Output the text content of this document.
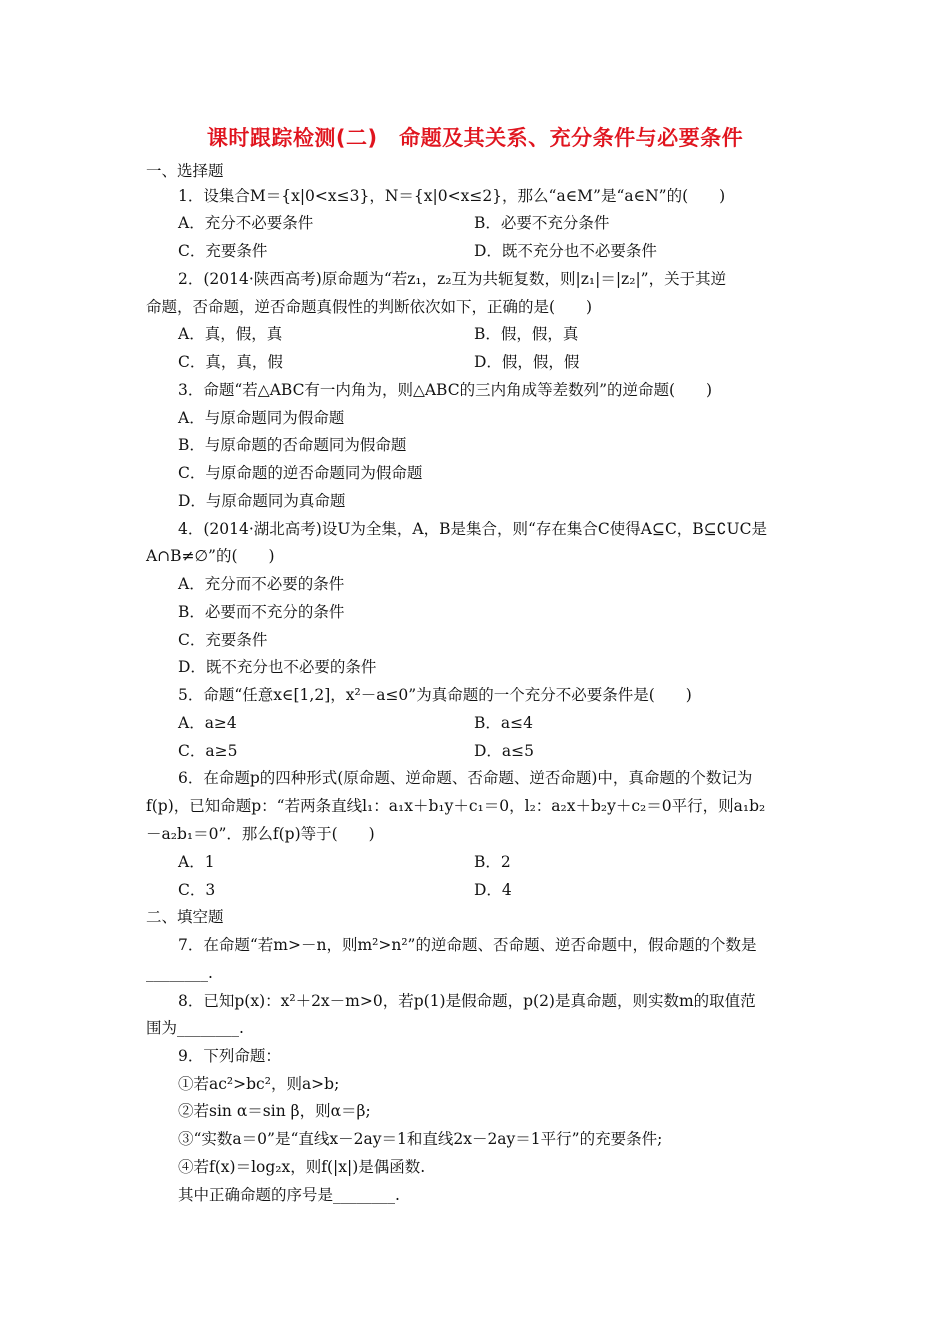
课时跟踪检测(二)　命题及其关系、充分条件与必要条件
一、选择题
1．设集合M＝{x|0<x≤3}，N＝{x|0<x≤2}，那么“a∈M”是“a∈N”的(　　)
A．充分不必要条件	B．必要不充分条件
C．充要条件	D．既不充分也不必要条件
2．(2014·陕西高考)原命题为“若z₁，z₂互为共轭复数，则|z₁|＝|z₂|”，关于其逆
命题，否命题，逆否命题真假性的判断依次如下，正确的是(　　)
A．真，假，真	B．假，假，真
C．真，真，假	D．假，假，假
3．命题“若△ABC有一内角为，则△ABC的三内角成等差数列”的逆命题(　　)
A．与原命题同为假命题
B．与原命题的否命题同为假命题
C．与原命题的逆否命题同为假命题
D．与原命题同为真命题
4．(2014·湖北高考)设U为全集，A，B是集合，则“存在集合C使得A⊆C，B⊆∁UC是
A∩B≠∅”的(　　)
A．充分而不必要的条件
B．必要而不充分的条件
C．充要条件
D．既不充分也不必要的条件
5．命题“任意x∈[1,2]，x²－a≤0”为真命题的一个充分不必要条件是(　　)
A．a≥4	B．a≤4
C．a≥5	D．a≤5
6．在命题p的四种形式(原命题、逆命题、否命题、逆否命题)中，真命题的个数记为
f(p)，已知命题p：“若两条直线l₁：a₁x＋b₁y＋c₁＝0，l₂：a₂x＋b₂y＋c₂＝0平行，则a₁b₂
－a₂b₁＝0”．那么f(p)等于(　　)
A．1	B．2
C．3	D．4
二、填空题
7．在命题“若m>－n，则m²>n²”的逆命题、否命题、逆否命题中，假命题的个数是
________.
8．已知p(x)：x²＋2x－m>0，若p(1)是假命题，p(2)是真命题，则实数m的取值范
围为________.
9．下列命题：
①若ac²>bc²，则a>b;
②若sin α＝sin β，则α＝β;
③“实数a＝0”是“直线x－2ay＝1和直线2x－2ay＝1平行”的充要条件;
④若f(x)＝log₂x，则f(|x|)是偶函数.
其中正确命题的序号是________.
